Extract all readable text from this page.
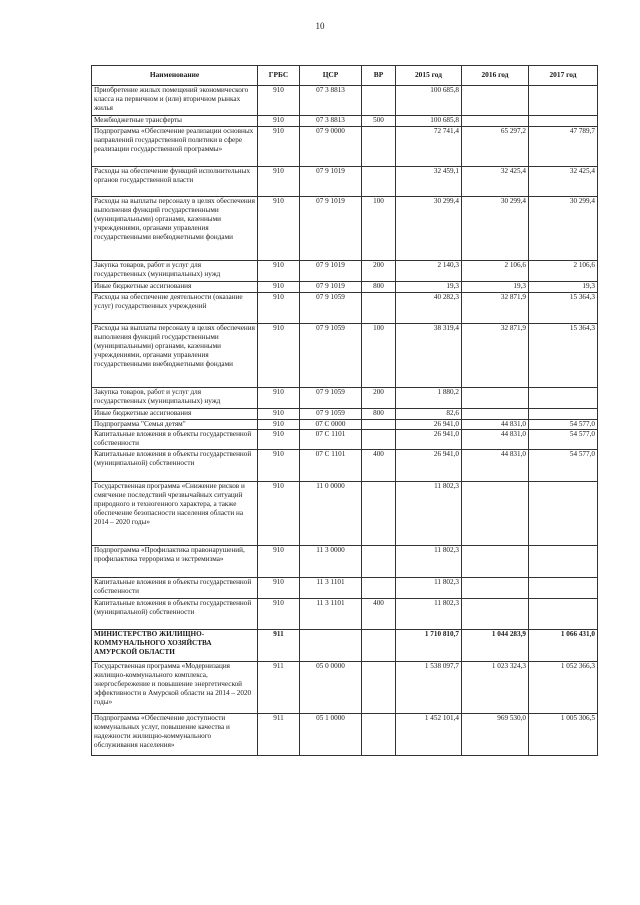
10
Наименование	ГРБС	ЦСР	ВР	2015 год	2016 год	2017 год
Приобретение жилых помещений экономического класса на первичном и (или) вторичном рынках жилья	910	07 3 8813		100 685,8		
Межбюджетные трансферты	910	07 3 8813	500	100 685,8		
Подпрограмма «Обеспечение реализации основных направлений государственной политики в сфере реализации государственной программы»	910	07 9 0000		72 741,4	65 297,2	47 789,7
Расходы на обеспечение функций исполнительных органов государственной власти	910	07 9 1019		32 459,1	32 425,4	32 425,4
Расходы на выплаты персоналу в целях обеспечения выполнения функций государственными (муниципальными) органами, казенными учреждениями, органами управления государственными внебюджетными фондами	910	07 9 1019	100	30 299,4	30 299,4	30 299,4
Закупка товаров, работ и услуг для государственных (муниципальных) нужд	910	07 9 1019	200	2 140,3	2 106,6	2 106,6
Иные бюджетные ассигнования	910	07 9 1019	800	19,3	19,3	19,3
Расходы на обеспечение деятельности (оказание услуг) государственных учреждений	910	07 9 1059		40 282,3	32 871,9	15 364,3
Расходы на выплаты персоналу в целях обеспечения выполнения функций государственными (муниципальными) органами, казенными учреждениями, органами управления государственными внебюджетными фондами	910	07 9 1059	100	38 319,4	32 871,9	15 364,3
Закупка товаров, работ и услуг для государственных (муниципальных) нужд	910	07 9 1059	200	1 880,2		
Иные бюджетные ассигнования	910	07 9 1059	800	82,6		
Подпрограмма "Семья детям"	910	07 С 0000		26 941,0	44 831,0	54 577,0
Капитальные вложения в объекты государственной собственности	910	07 С 1101		26 941,0	44 831,0	54 577,0
Капитальные вложения в объекты государственной (муниципальной) собственности	910	07 С 1101	400	26 941,0	44 831,0	54 577,0
Государственная программа «Снижение рисков и смягчение последствий чрезвычайных ситуаций природного и техногенного характера, а также обеспечение безопасности населения области на 2014 – 2020 годы»	910	11 0 0000		11 802,3		
Подпрограмма «Профилактика правонарушений, профилактика терроризма и экстремизма»	910	11 3 0000		11 802,3		
Капитальные вложения в объекты государственной собственности	910	11 3 1101		11 802,3		
Капитальные вложения в объекты государственной (муниципальной) собственности	910	11 3 1101	400	11 802,3		
МИНИСТЕРСТВО ЖИЛИЩНО-КОММУНАЛЬНОГО ХОЗЯЙСТВА АМУРСКОЙ ОБЛАСТИ	911			1 710 810,7	1 044 283,9	1 066 431,0
Государственная программа «Модернизация жилищно-коммунального комплекса, энергосбережение и повышение энергетической эффективности в Амурской области на 2014 – 2020 годы»	911	05 0 0000		1 538 097,7	1 023 324,3	1 052 366,3
Подпрограмма «Обеспечение доступности коммунальных услуг, повышение качества и надежности жилищно-коммунального обслуживания населения»	911	05 1 0000		1 452 101,4	969 530,0	1 005 306,5
